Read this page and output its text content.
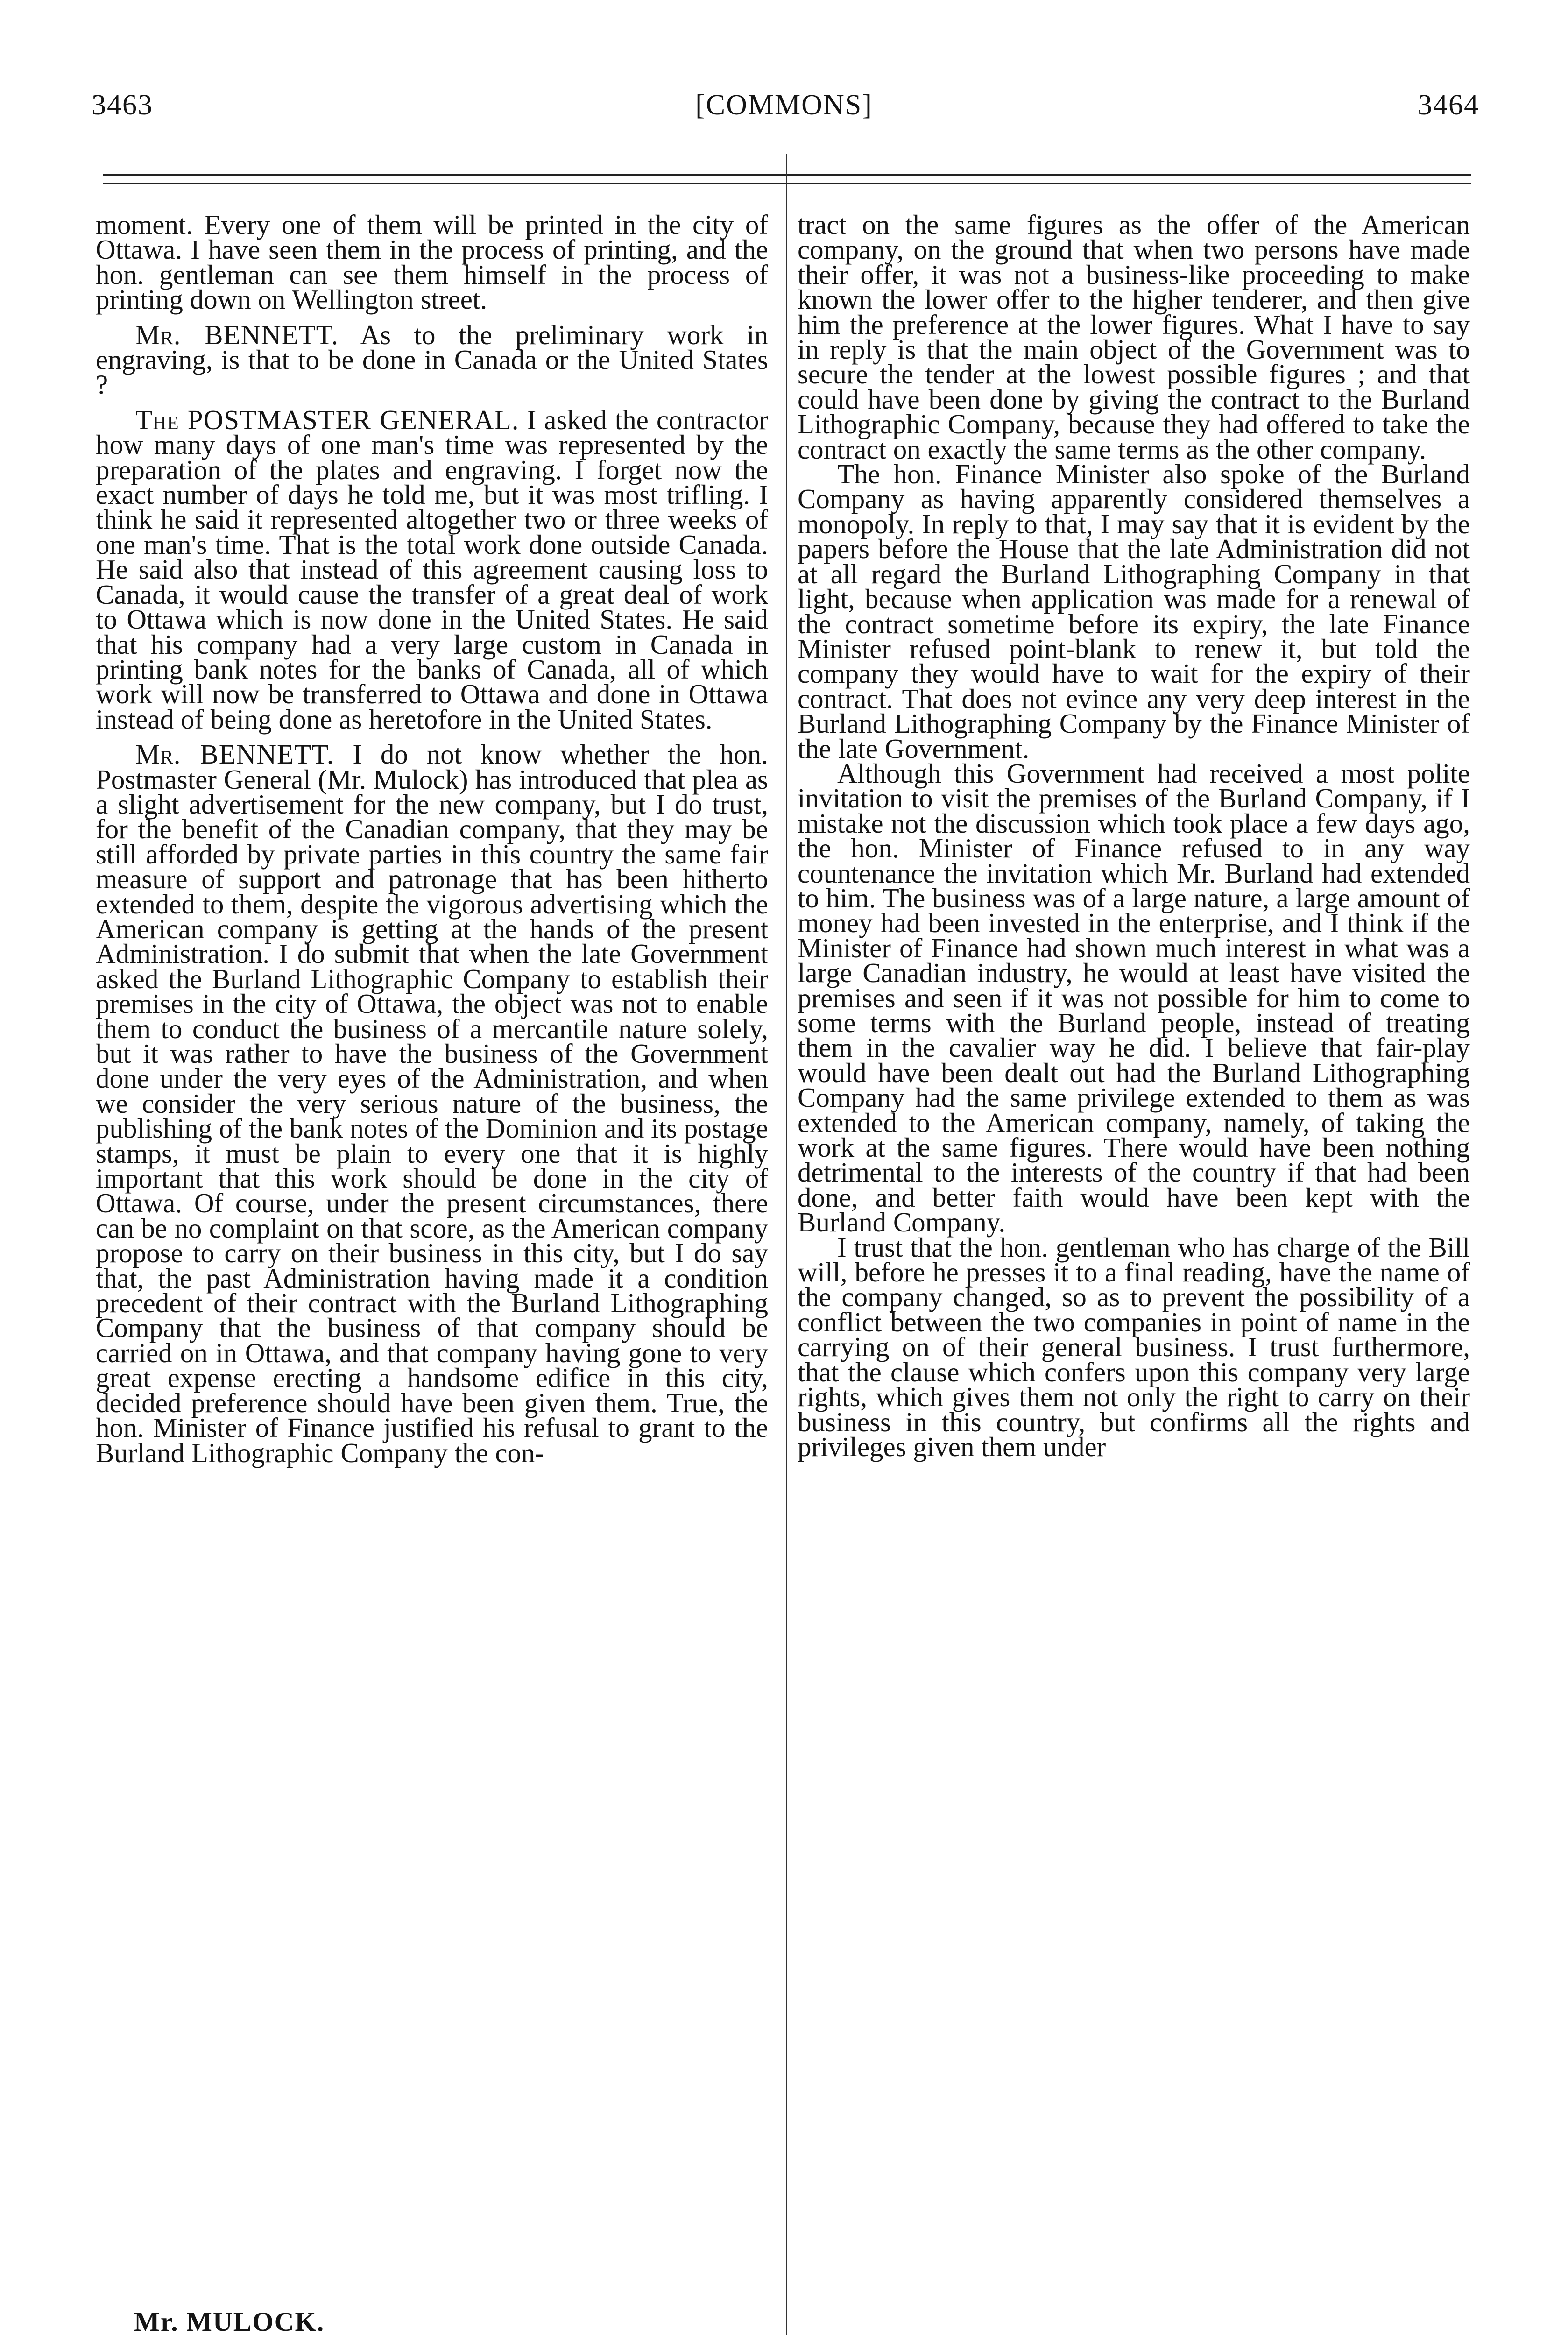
3463	[COMMONS]	3464

moment. Every one of them will be printed in the city of Ottawa. I have seen them in the process of printing, and the hon. gentleman can see them himself in the process of printing down on Wellington street.

Mr. BENNETT. As to the preliminary work in engraving, is that to be done in Canada or the United States ?

The POSTMASTER GENERAL. I asked the contractor how many days of one man's time was represented by the preparation of the plates and engraving. I forget now the exact number of days he told me, but it was most trifling. I think he said it represented altogether two or three weeks of one man's time. That is the total work done outside Canada. He said also that instead of this agreement causing loss to Canada, it would cause the transfer of a great deal of work to Ottawa which is now done in the United States. He said that his company had a very large custom in Canada in printing bank notes for the banks of Canada, all of which work will now be transferred to Ottawa and done in Ottawa instead of being done as heretofore in the United States.

Mr. BENNETT. I do not know whether the hon. Postmaster General (Mr. Mulock) has introduced that plea as a slight advertisement for the new company, but I do trust, for the benefit of the Canadian company, that they may be still afforded by private parties in this country the same fair measure of support and patronage that has been hitherto extended to them, despite the vigorous advertising which the American company is getting at the hands of the present Administration. I do submit that when the late Government asked the Burland Lithographic Company to establish their premises in the city of Ottawa, the object was not to enable them to conduct the business of a mercantile nature solely, but it was rather to have the business of the Government done under the very eyes of the Administration, and when we consider the very serious nature of the business, the publishing of the bank notes of the Dominion and its postage stamps, it must be plain to every one that it is highly important that this work should be done in the city of Ottawa. Of course, under the present circumstances, there can be no complaint on that score, as the American company propose to carry on their business in this city, but I do say that, the past Administration having made it a condition precedent of their contract with the Burland Lithographing Company that the business of that company should be carried on in Ottawa, and that company having gone to very great expense erecting a handsome edifice in this city, decided preference should have been given them. True, the hon. Minister of Finance justified his refusal to grant to the Burland Lithographic Company the con-

tract on the same figures as the offer of the American company, on the ground that when two persons have made their offer, it was not a business-like proceeding to make known the lower offer to the higher tenderer, and then give him the preference at the lower figures. What I have to say in reply is that the main object of the Government was to secure the tender at the lowest possible figures ; and that could have been done by giving the contract to the Burland Lithographic Company, because they had offered to take the contract on exactly the same terms as the other company.

The hon. Finance Minister also spoke of the Burland Company as having apparently considered themselves a monopoly. In reply to that, I may say that it is evident by the papers before the House that the late Administration did not at all regard the Burland Lithographing Company in that light, because when application was made for a renewal of the contract sometime before its expiry, the late Finance Minister refused point-blank to renew it, but told the company they would have to wait for the expiry of their contract. That does not evince any very deep interest in the Burland Lithographing Company by the Finance Minister of the late Government.

Although this Government had received a most polite invitation to visit the premises of the Burland Company, if I mistake not the discussion which took place a few days ago, the hon. Minister of Finance refused to in any way countenance the invitation which Mr. Burland had extended to him. The business was of a large nature, a large amount of money had been invested in the enterprise, and I think if the Minister of Finance had shown much interest in what was a large Canadian industry, he would at least have visited the premises and seen if it was not possible for him to come to some terms with the Burland people, instead of treating them in the cavalier way he did. I believe that fair-play would have been dealt out had the Burland Lithographing Company had the same privilege extended to them as was extended to the American company, namely, of taking the work at the same figures. There would have been nothing detrimental to the interests of the country if that had been done, and better faith would have been kept with the Burland Company.

I trust that the hon. gentleman who has charge of the Bill will, before he presses it to a final reading, have the name of the company changed, so as to prevent the possibility of a conflict between the two companies in point of name in the carrying on of their general business. I trust furthermore, that the clause which confers upon this company very large rights, which gives them not only the right to carry on their business in this country, but confirms all the rights and privileges given them under

Mr. MULOCK.
